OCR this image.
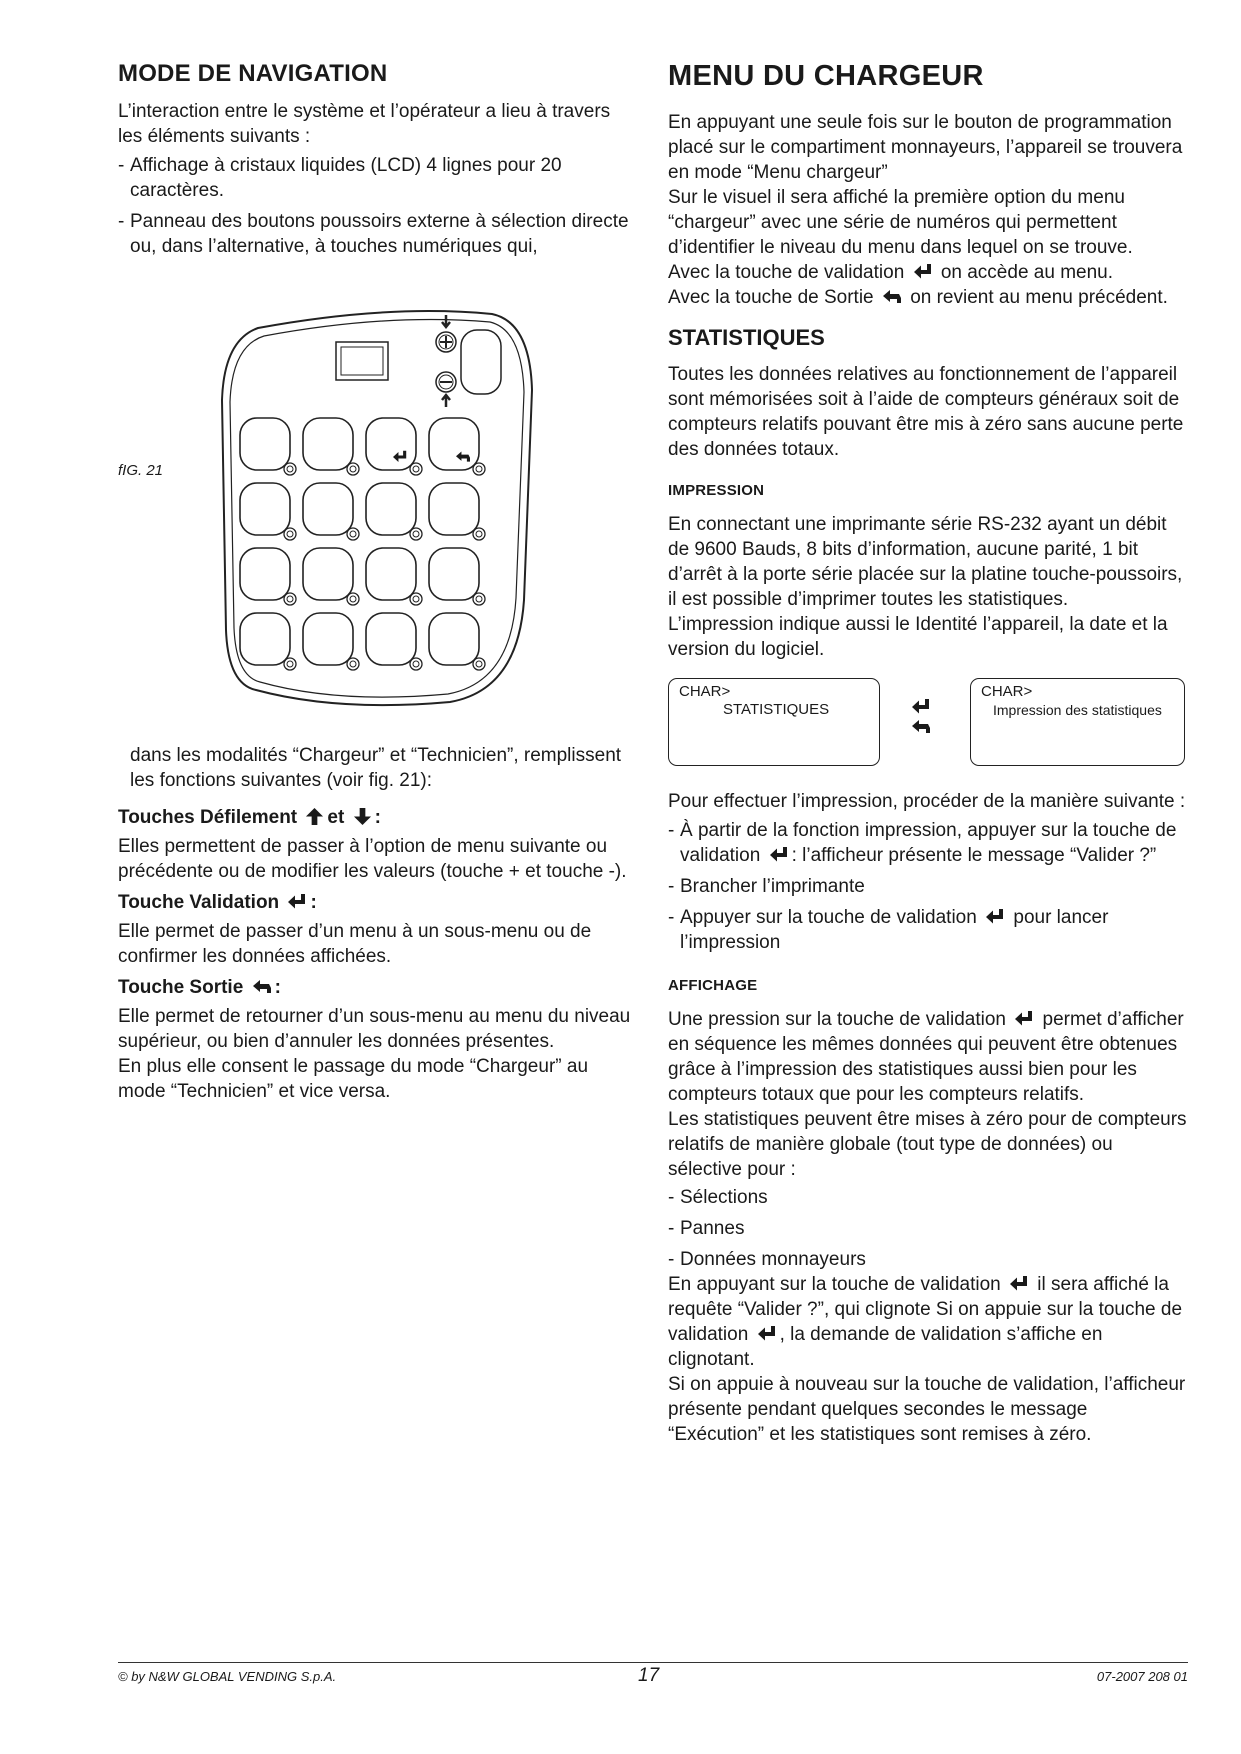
MODE DE NAVIGATION

L’interaction entre le système et l’opérateur a lieu à travers les éléments suivants :

- Affichage à cristaux liquides (LCD) 4 lignes pour 20 caractères.
- Panneau des boutons poussoirs externe à sélection directe ou, dans l’alternative, à touches numériques qui,
fIG. 21

dans les modalités “Chargeur” et “Technicien”, remplissent les fonctions suivantes (voir fig. 21):

Touches Défilement et :

Elles permettent de passer à l’option de menu suivante ou précédente ou de modifier les valeurs (touche + et touche -).

Touche Validation :

Elle permet de passer d’un menu à un sous-menu ou de confirmer les données affichées.

Touche Sortie :

Elle permet de retourner d’un sous-menu au menu du niveau supérieur, ou bien d’annuler les données présentes.

En plus elle consent le passage du mode “Chargeur” au mode “Technicien” et vice versa.

MENU DU CHARGEUR

En appuyant une seule fois sur le bouton de programmation placé sur le compartiment monnayeurs, l’appareil se trouvera en mode “Menu chargeur”

Sur le visuel il sera affiché la première option du menu “chargeur” avec une série de numéros qui permettent d’identifier le niveau du menu dans lequel on se trouve.

Avec la touche de validation on accède au menu.

Avec la touche de Sortie on revient au menu précédent.

STATISTIQUES

Toutes les données relatives au fonctionnement de l’appareil sont mémorisées soit à l’aide de compteurs généraux soit de compteurs relatifs pouvant être mis à zéro sans aucune perte des données totaux.

IMPRESSION

En connectant une imprimante série RS-232 ayant un débit de 9600 Bauds, 8 bits d’information, aucune parité, 1 bit d’arrêt à la porte série placée sur la platine touche-poussoirs, il est possible d’imprimer toutes les statistiques.

L’impression indique aussi le Identité l’appareil, la date et la version du logiciel.

CHAR>
STATISTIQUES
CHAR>
Impression des statistiques

Pour effectuer l’impression, procéder de la manière suivante :

- À partir de la fonction impression, appuyer sur la touche de validation : l’afficheur présente le message “Valider ?”
- Brancher l’imprimante
- Appuyer sur la touche de validation pour lancer l’impression
AFFICHAGE

Une pression sur la touche de validation permet d’afficher en séquence les mêmes données qui peuvent être obtenues grâce à l’impression des statistiques aussi bien pour les compteurs totaux que pour les compteurs relatifs.

Les statistiques peuvent être mises à zéro pour de compteurs relatifs de manière globale (tout type de données) ou sélective pour :

- Sélections
- Pannes
- Données monnayeurs

En appuyant sur la touche de validation il sera affiché la requête “Valider ?”, qui clignote Si on appuie sur la touche de validation , la demande de validation s’affiche en clignotant.

Si on appuie à nouveau sur la touche de validation, l’afficheur présente pendant quelques secondes le message “Exécution” et les statistiques sont remises à zéro.

© by N&W GLOBAL VENDING S.p.A.	17	07-2007 208 01
